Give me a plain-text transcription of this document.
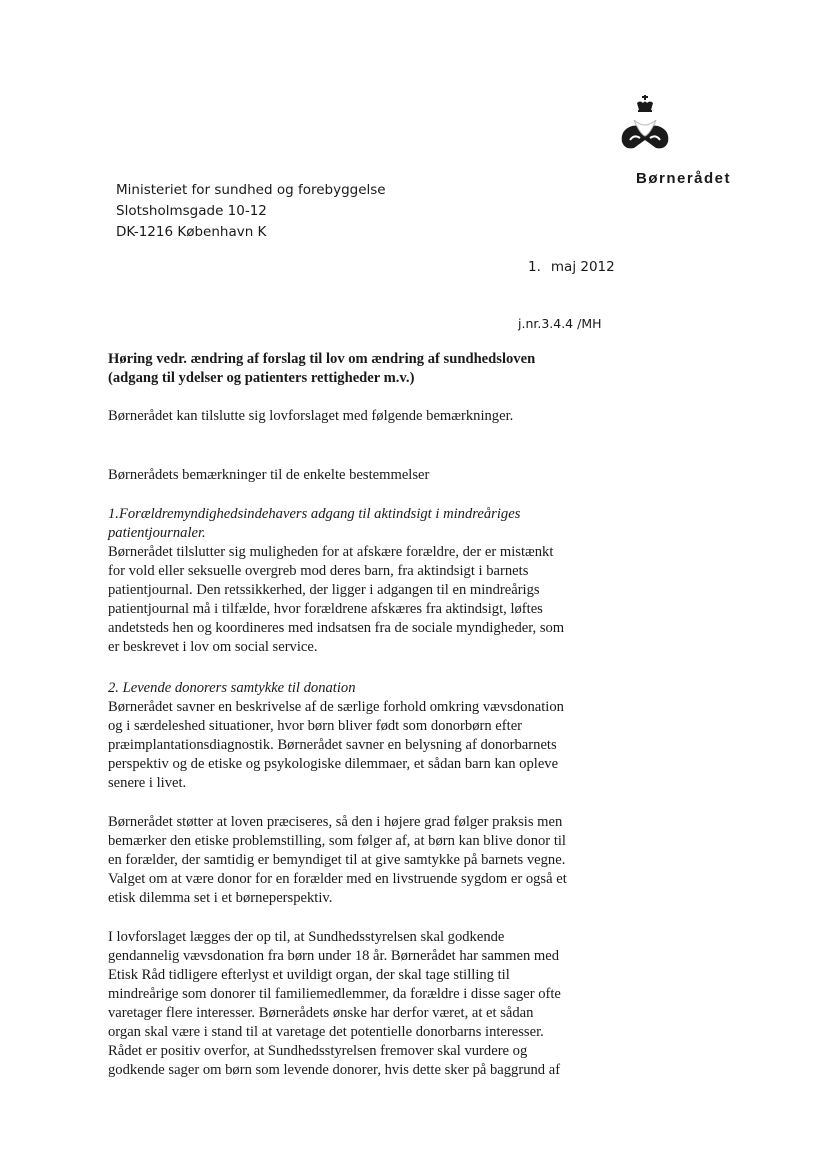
Børnerådet
Ministeriet for sundhed og forebyggelse
Slotsholmsgade 10-12
DK-1216 København K
1. maj 2012
j.nr.3.4.4 /MH
Høring vedr. ændring af forslag til lov om ændring af sundhedsloven
(adgang til ydelser og patienters rettigheder m.v.)

Børnerådet kan tilslutte sig lovforslaget med følgende bemærkninger.

Børnerådets bemærkninger til de enkelte bestemmelser

1.Forældremyndighedsindehavers adgang til aktindsigt i mindreåriges
patientjournaler.
Børnerådet tilslutter sig muligheden for at afskære forældre, der er mistænkt
for vold eller seksuelle overgreb mod deres barn, fra aktindsigt i barnets
patientjournal. Den retssikkerhed, der ligger i adgangen til en mindreårigs
patientjournal må i tilfælde, hvor forældrene afskæres fra aktindsigt, løftes
andetsteds hen og koordineres med indsatsen fra de sociale myndigheder, som
er beskrevet i lov om social service.
2. Levende donorers samtykke til donation
Børnerådet savner en beskrivelse af de særlige forhold omkring vævsdonation
og i særdeleshed situationer, hvor børn bliver født som donorbørn efter
præimplantationsdiagnostik. Børnerådet savner en belysning af donorbarnets
perspektiv og de etiske og psykologiske dilemmaer, et sådan barn kan opleve
senere i livet.
Børnerådet støtter at loven præciseres, så den i højere grad følger praksis men
bemærker den etiske problemstilling, som følger af, at børn kan blive donor til
en forælder, der samtidig er bemyndiget til at give samtykke på barnets vegne.
Valget om at være donor for en forælder med en livstruende sygdom er også et
etisk dilemma set i et børneperspektiv.
I lovforslaget lægges der op til, at Sundhedsstyrelsen skal godkende
gendannelig vævsdonation fra børn under 18 år. Børnerådet har sammen med
Etisk Råd tidligere efterlyst et uvildigt organ, der skal tage stilling til
mindreårige som donorer til familiemedlemmer, da forældre i disse sager ofte
varetager flere interesser. Børnerådets ønske har derfor været, at et sådan
organ skal være i stand til at varetage det potentielle donorbarns interesser.
Rådet er positiv overfor, at Sundhedsstyrelsen fremover skal vurdere og
godkende sager om børn som levende donorer, hvis dette sker på baggrund af
